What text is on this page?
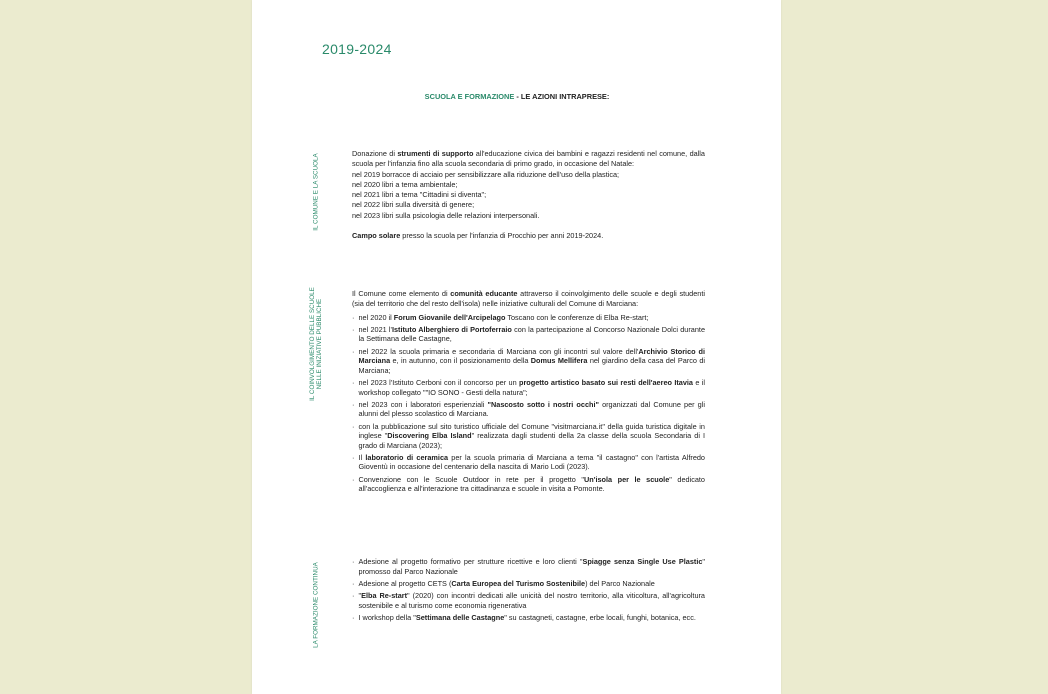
2019-2024
SCUOLA E FORMAZIONE - LE AZIONI INTRAPRESE:
IL COMUNE E LA SCUOLA	Donazione di strumenti di supporto all'educazione civica dei bambini e ragazzi residenti nel comune, dalla scuola per l'infanzia fino alla scuola secondaria di primo grado, in occasione del Natale:

nel 2019 borracce di acciaio per sensibilizzare alla riduzione dell'uso della plastica;

nel 2020 libri a tema ambientale;

nel 2021 libri a tema "Cittadini si diventa";

nel 2022 libri sulla diversità di genere;

nel 2023 libri sulla psicologia delle relazioni interpersonali.

Campo solare presso la scuola per l'infanzia di Procchio per anni 2019-2024.

IL COINVOLGIMENTO DELLE SCUOLE NELLE INIZIATIVE PUBBLICHE

Il Comune come elemento di comunità educante attraverso il coinvolgimento delle scuole e degli studenti (sia del territorio che del resto dell'isola) nelle iniziative culturali del Comune di Marciana:

· nel 2020 il Forum Giovanile dell'Arcipelago Toscano con le conferenze di Elba Re-start;
· nel 2021 l'Istituto Alberghiero di Portoferraio con la partecipazione al Concorso Nazionale Dolci durante la Settimana delle Castagne,
· nel 2022 la scuola primaria e secondaria di Marciana con gli incontri sul valore dell'Archivio Storico di Marciana e, in autunno, con il posizionamento della Domus Mellifera nel giardino della casa del Parco di Marciana;
· nel 2023 l'Istituto Cerboni con il concorso per un progetto artistico basato sui resti dell'aereo Itavia e il workshop collegato ""IO SONO - Gesti della natura";
· nel 2023 con i laboratori esperienziali "Nascosto sotto i nostri occhi" organizzati dal Comune per gli alunni del plesso scolastico di Marciana.
· con la pubblicazione sul sito turistico ufficiale del Comune "visitmarciana.it" della guida turistica digitale in inglese "Discovering Elba Island" realizzata dagli studenti della 2a classe della scuola Secondaria di I grado di Marciana (2023);
· Il laboratorio di ceramica per la scuola primaria di Marciana a tema "il castagno" con l'artista Alfredo Gioventù in occasione del centenario della nascita di Mario Lodi (2023).
· Convenzione con le Scuole Outdoor in rete per il progetto "Un'isola per le scuole" dedicato all'accoglienza e all'interazione tra cittadinanza e scuole in visita a Pomonte.
LA FORMAZIONE CONTINUA
· Adesione al progetto formativo per strutture ricettive e loro clienti "Spiagge senza Single Use Plastic" promosso dal Parco Nazionale
· Adesione al progetto CETS (Carta Europea del Turismo Sostenibile) del Parco Nazionale
· "Elba Re-start" (2020) con incontri dedicati alle unicità del nostro territorio, alla viticoltura, all'agricoltura sostenibile e al turismo come economia rigenerativa
· I workshop della "Settimana delle Castagne" su castagneti, castagne, erbe locali, funghi, botanica, ecc.
